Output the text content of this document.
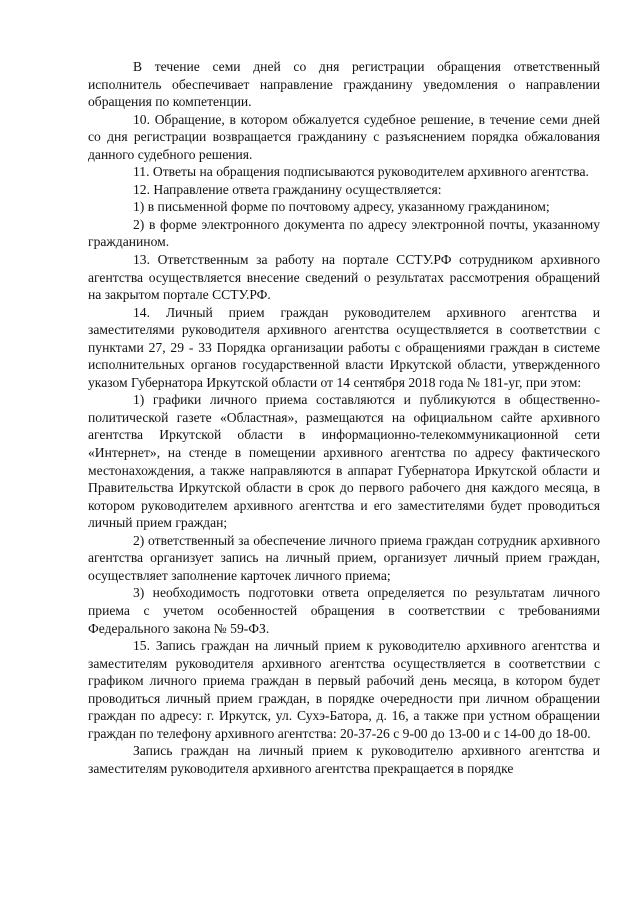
В течение семи дней со дня регистрации обращения ответственный исполнитель обеспечивает направление гражданину уведомления о направлении обращения по компетенции.

10. Обращение, в котором обжалуется судебное решение, в течение семи дней со дня регистрации возвращается гражданину с разъяснением порядка обжалования данного судебного решения.

11. Ответы на обращения подписываются руководителем архивного агентства.

12. Направление ответа гражданину осуществляется:

1) в письменной форме по почтовому адресу, указанному гражданином;

2) в форме электронного документа по адресу электронной почты, указанному гражданином.

13. Ответственным за работу на портале ССТУ.РФ сотрудником архивного агентства осуществляется внесение сведений о результатах рассмотрения обращений на закрытом портале ССТУ.РФ.

14. Личный прием граждан руководителем архивного агентства и заместителями руководителя архивного агентства осуществляется в соответствии с пунктами 27, 29 - 33 Порядка организации работы с обращениями граждан в системе исполнительных органов государственной власти Иркутской области, утвержденного указом Губернатора Иркутской области от 14 сентября 2018 года № 181-уг, при этом:

1) графики личного приема составляются и публикуются в общественно-политической газете «Областная», размещаются на официальном сайте архивного агентства Иркутской области в информационно-телекоммуникационной сети «Интернет», на стенде в помещении архивного агентства по адресу фактического местонахождения, а также направляются в аппарат Губернатора Иркутской области и Правительства Иркутской области в срок до первого рабочего дня каждого месяца, в котором руководителем архивного агентства и его заместителями будет проводиться личный прием граждан;

2) ответственный за обеспечение личного приема граждан сотрудник архивного агентства организует запись на личный прием, организует личный прием граждан, осуществляет заполнение карточек личного приема;

3) необходимость подготовки ответа определяется по результатам личного приема с учетом особенностей обращения в соответствии с требованиями Федерального закона № 59-ФЗ.

15. Запись граждан на личный прием к руководителю архивного агентства и заместителям руководителя архивного агентства осуществляется в соответствии с графиком личного приема граждан в первый рабочий день месяца, в котором будет проводиться личный прием граждан, в порядке очередности при личном обращении граждан по адресу: г. Иркутск, ул. Сухэ-Батора, д. 16, а также при устном обращении граждан по телефону архивного агентства: 20-37-26 с 9-00 до 13-00 и с 14-00 до 18-00.

Запись граждан на личный прием к руководителю архивного агентства и заместителям руководителя архивного агентства прекращается в порядке
